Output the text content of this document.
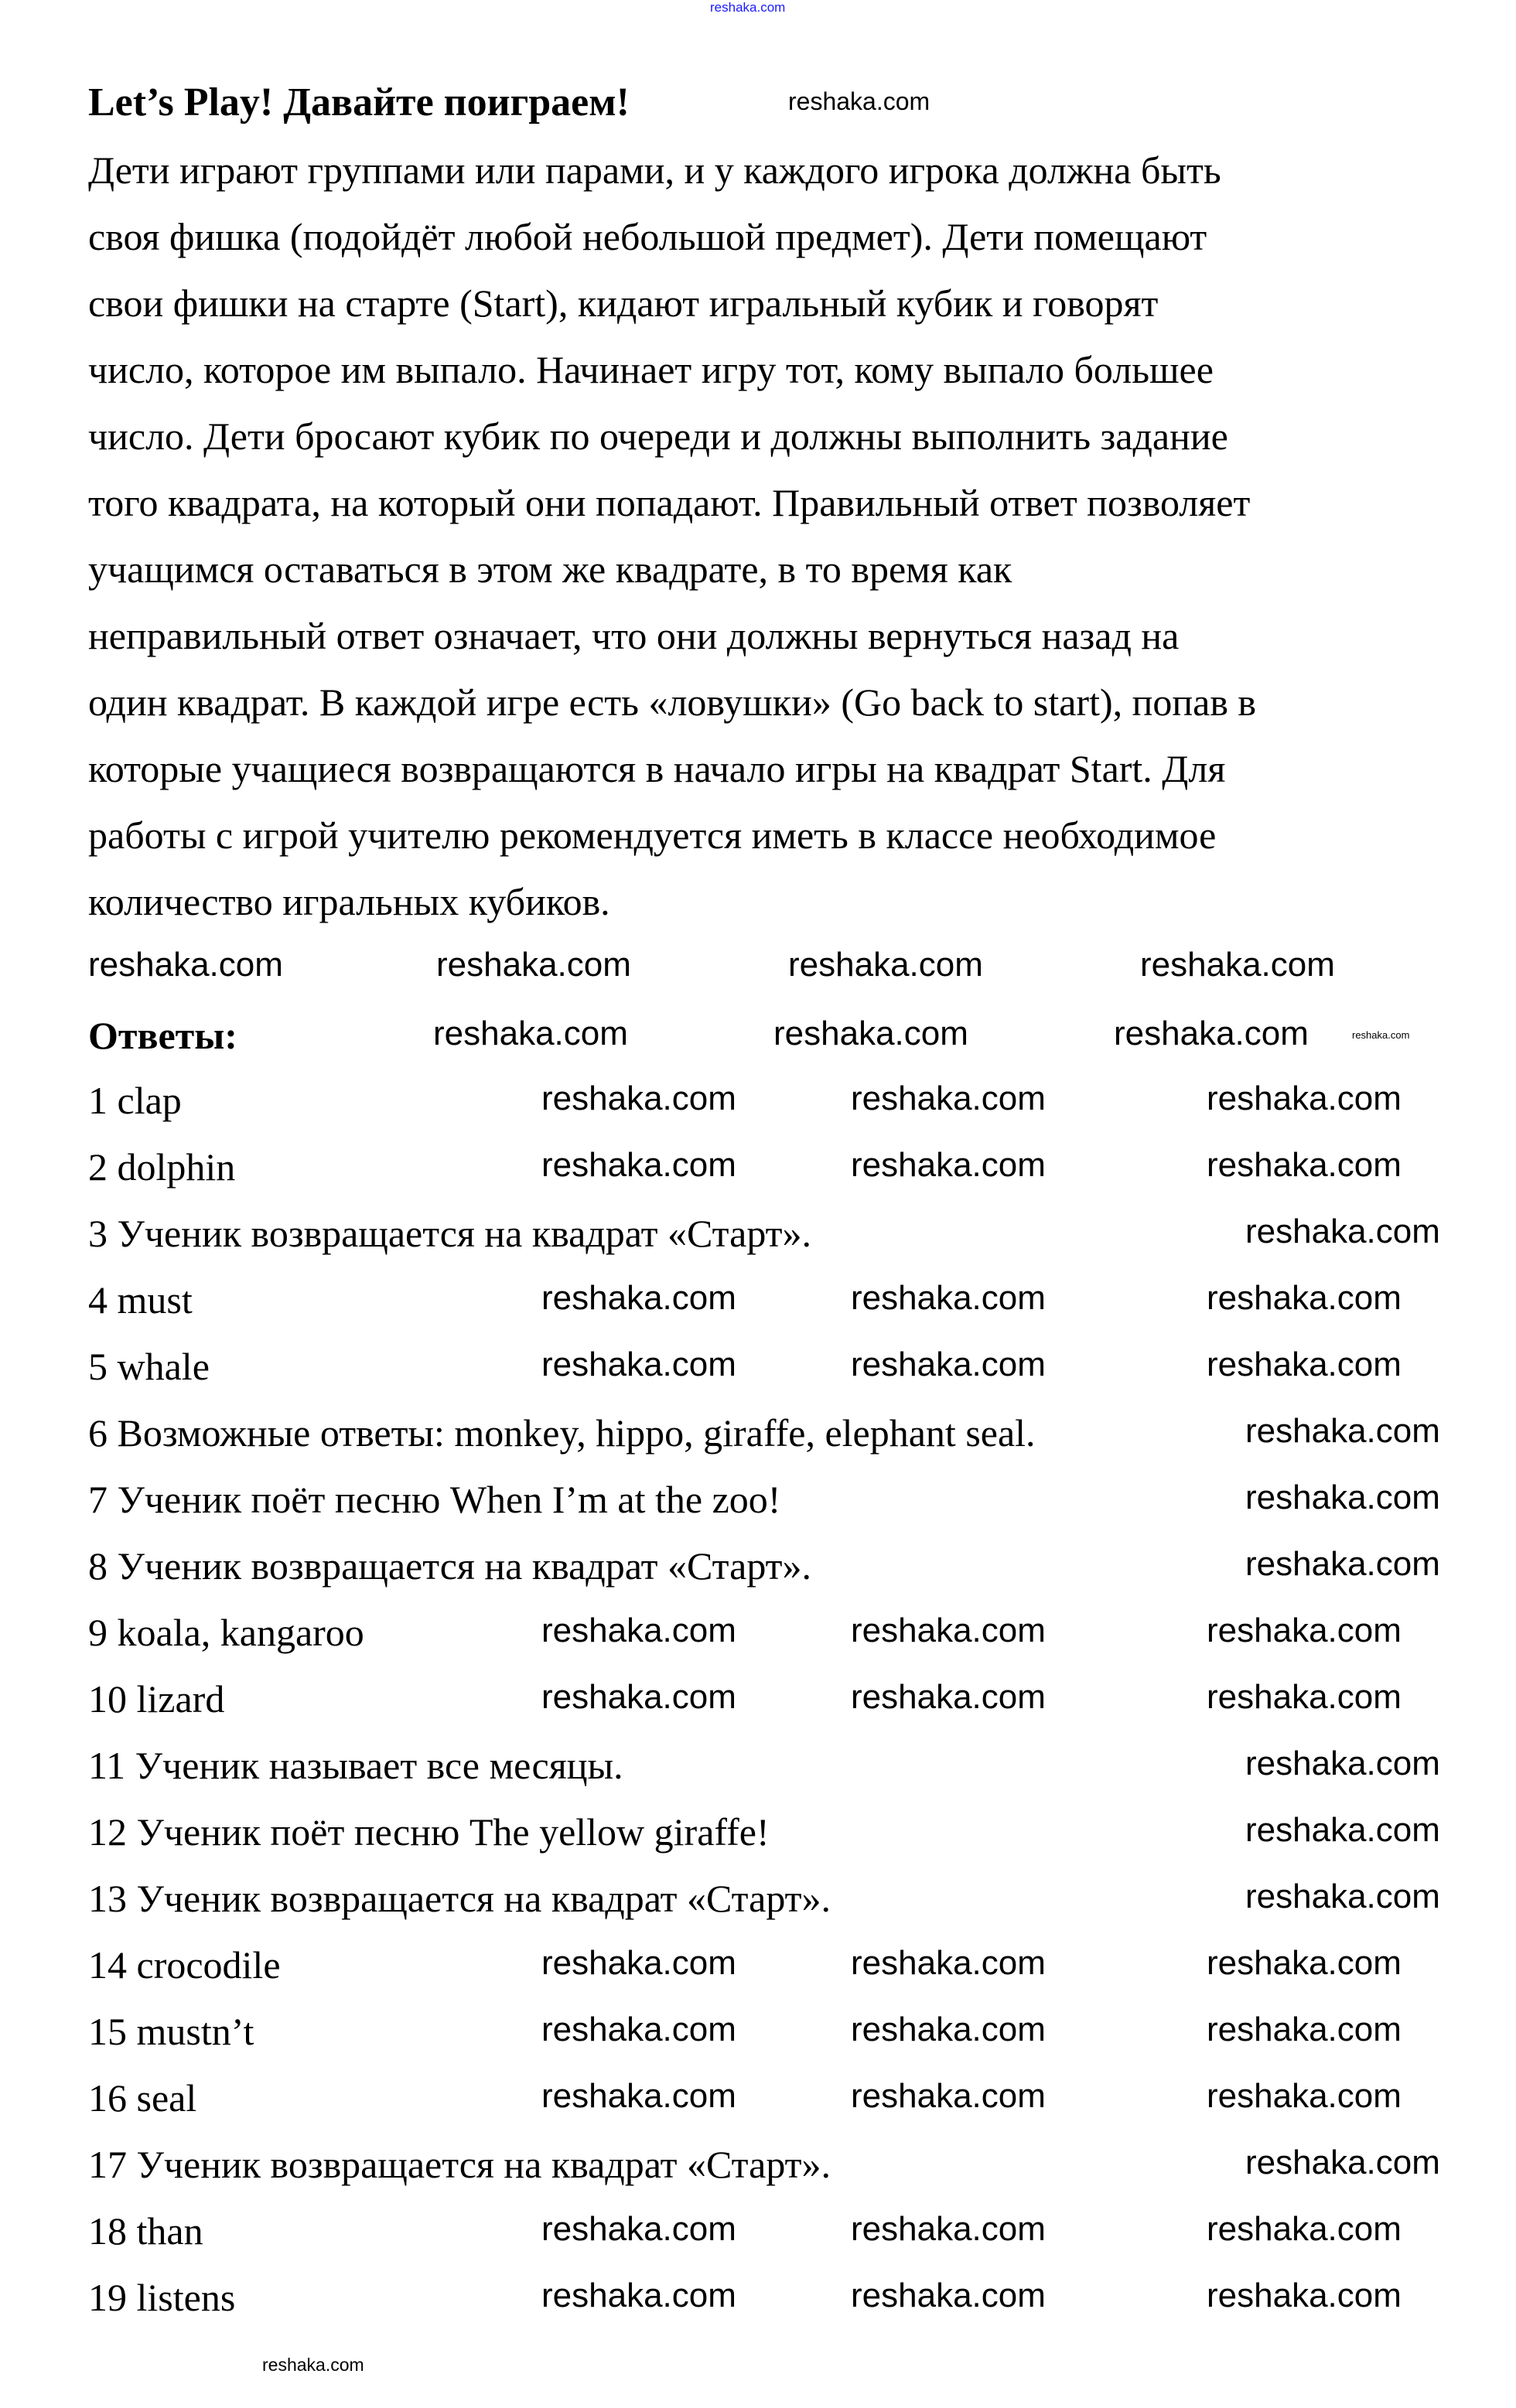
reshaka.com
Let’s Play! Давайте поиграем!
Дети играют группами или парами, и у каждого игрока должна быть
своя фишка (подойдёт любой небольшой предмет). Дети помещают
свои фишки на старте (Start), кидают игральный кубик и говорят
число, которое им выпало. Начинает игру тот, кому выпало большее
число. Дети бросают кубик по очереди и должны выполнить задание
того квадрата, на который они попадают. Правильный ответ позволяет
учащимся оставаться в этом же квадрате, в то время как
неправильный ответ означает, что они должны вернуться назад на
один квадрат. В каждой игре есть «ловушки» (Go back to start), попав в
которые учащиеся возвращаются в начало игры на квадрат Start. Для
работы с игрой учителю рекомендуется иметь в классе необходимое
количество игральных кубиков.
Ответы:
1 clap
2 dolphin
3 Ученик возвращается на квадрат «Старт».
4 must
5 whale
6 Возможные ответы: monkey, hippo, giraffe, elephant seal.
7 Ученик поёт песню When I’m at the zoo!
8 Ученик возвращается на квадрат «Старт».
9 koala, kangaroo
10 lizard
11 Ученик называет все месяцы.
12 Ученик поёт песню The yellow giraffe!
13 Ученик возвращается на квадрат «Старт».
14 crocodile
15 mustn’t
16 seal
17 Ученик возвращается на квадрат «Старт».
18 than
19 listens
reshaka.com
reshaka.com	reshaka.com	reshaka.com	reshaka.com
reshaka.com	reshaka.com	reshaka.com	reshaka.com
reshaka.com	reshaka.com	reshaka.com
reshaka.com	reshaka.com	reshaka.com
reshaka.com	reshaka.com	reshaka.com
reshaka.com	reshaka.com	reshaka.com
reshaka.com	reshaka.com	reshaka.com
reshaka.com	reshaka.com	reshaka.com
reshaka.com	reshaka.com	reshaka.com
reshaka.com	reshaka.com	reshaka.com
reshaka.com	reshaka.com	reshaka.com
reshaka.com	reshaka.com	reshaka.com
reshaka.com	reshaka.com	reshaka.com
reshaka.com
reshaka.com
reshaka.com
reshaka.com
reshaka.com
reshaka.com
reshaka.com
reshaka.com
reshaka.com
